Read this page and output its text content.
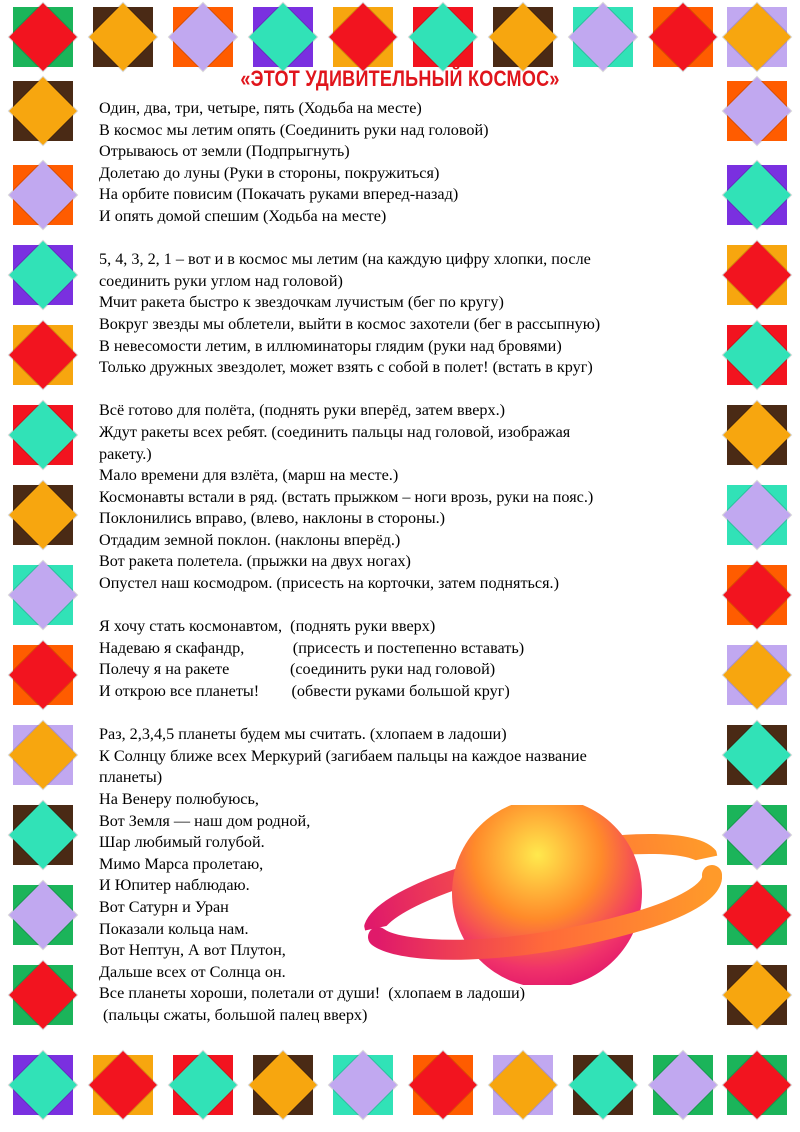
«ЭТОТ УДИВИТЕЛЬНЫЙ КОСМОС»
Один, два, три, четыре, пять (Ходьба на месте)
В космос мы летим опять (Соединить руки над головой)
Отрываюсь от земли (Подпрыгнуть)
Долетаю до луны (Руки в стороны, покружиться)
На орбите повисим (Покачать руками вперед-назад)
И опять домой спешим (Ходьба на месте)
5, 4, 3, 2, 1 – вот и в космос мы летим (на каждую цифру хлопки, после
соединить руки углом над головой)
Мчит ракета быстро к звездочкам лучистым (бег по кругу)
Вокруг звезды мы облетели, выйти в космос захотели (бег в рассыпную)
В невесомости летим, в иллюминаторы глядим (руки над бровями)
Только дружных звездолет, может взять с собой в полет! (встать в круг)
Всё готово для полёта, (поднять руки вперёд, затем вверх.)
Ждут ракеты всех ребят. (соединить пальцы над головой, изображая
ракету.)
Мало времени для взлёта, (марш на месте.)
Космонавты встали в ряд. (встать прыжком – ноги врозь, руки на пояс.)
Поклонились вправо, (влево, наклоны в стороны.)
Отдадим земной поклон. (наклоны вперёд.)
Вот ракета полетела. (прыжки на двух ногах)
Опустел наш космодром. (присесть на корточки, затем подняться.)
Я хочу стать космонавтом,  (поднять руки вверх)
Надеваю я скафандр,            (присесть и постепенно вставать)
Полечу я на ракете               (соединить руки над головой)
И открою все планеты!        (обвести руками большой круг)
Раз, 2,3,4,5 планеты будем мы считать. (хлопаем в ладоши)
К Солнцу ближе всех Меркурий (загибаем пальцы на каждое название
планеты)
На Венеру полюбуюсь,
Вот Земля — наш дом родной,
Шар любимый голубой.
Мимо Марса пролетаю,
И Юпитер наблюдаю.
Вот Сатурн и Уран
Показали кольца нам.
Вот Нептун, А вот Плутон,
Дальше всех от Солнца он.
Все планеты хороши, полетали от души!  (хлопаем в ладоши)
(пальцы сжаты, большой палец вверх)
